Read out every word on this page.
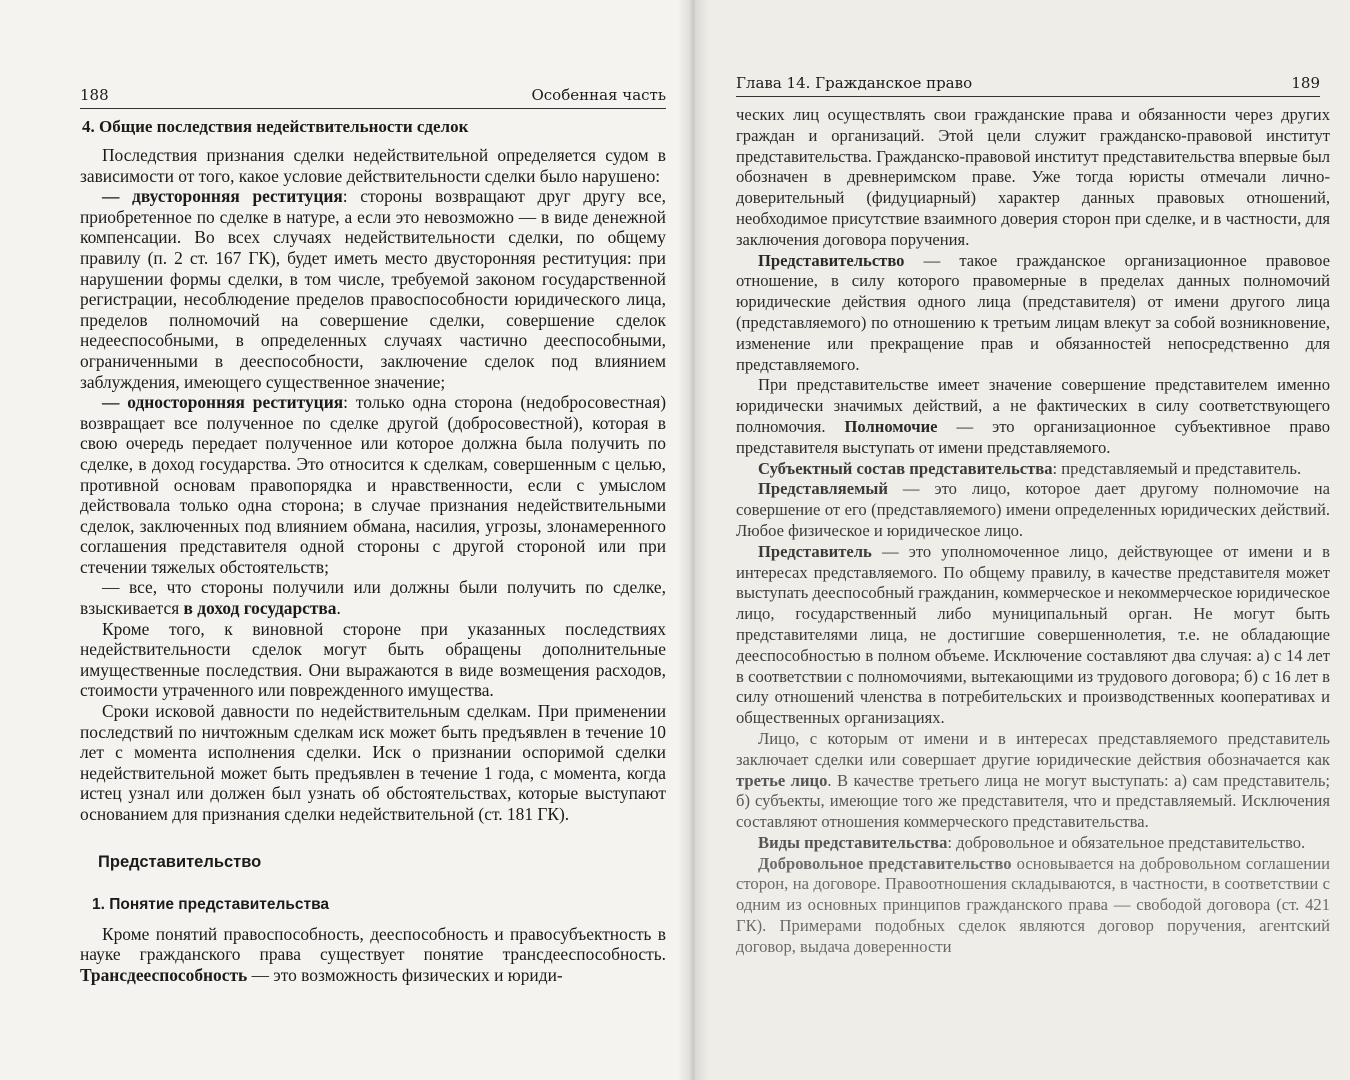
188	Особенная часть
4. Общие последствия недействительности сделок

Последствия признания сделки недействительной определяется судом в зависимости от того, какое условие действительности сделки было нарушено:

— двусторонняя реституция: стороны возвращают друг другу все, приобретенное по сделке в натуре, а если это невозможно — в виде денежной компенсации. Во всех случаях недействительности сделки, по общему правилу (п. 2 ст. 167 ГК), будет иметь место двусторонняя реституция: при нарушении формы сделки, в том числе, требуемой законом государственной регистрации, несоблюдение пределов правоспособности юридического лица, пределов полномочий на совершение сделки, совершение сделок недееспособными, в определенных случаях частично дееспособными, ограниченными в дееспособности, заключение сделок под влиянием заблуждения, имеющего существенное значение;

— односторонняя реституция: только одна сторона (недобросовестная) возвращает все полученное по сделке другой (добросовестной), которая в свою очередь передает полученное или которое должна была получить по сделке, в доход государства. Это относится к сделкам, совершенным с целью, противной основам правопорядка и нравственности, если с умыслом действовала только одна сторона; в случае признания недействительными сделок, заключенных под влиянием обмана, насилия, угрозы, злонамеренного соглашения представителя одной стороны с другой стороной или при стечении тяжелых обстоятельств;

— все, что стороны получили или должны были получить по сделке, взыскивается в доход государства.

Кроме того, к виновной стороне при указанных последствиях недействительности сделок могут быть обращены дополнительные имущественные последствия. Они выражаются в виде возмещения расходов, стоимости утраченного или поврежденного имущества.

Сроки исковой давности по недействительным сделкам. При применении последствий по ничтожным сделкам иск может быть предъявлен в течение 10 лет с момента исполнения сделки. Иск о признании оспоримой сделки недействительной может быть предъявлен в течение 1 года, с момента, когда истец узнал или должен был узнать об обстоятельствах, которые выступают основанием для признания сделки недействительной (ст. 181 ГК).

Представительство
1. Понятие представительства

Кроме понятий правоспособность, дееспособность и правосубъектность в науке гражданского права существует понятие трансдееспособность. Трансдееспособность — это возможность физических и юриди-

Глава 14. Гражданское право	189

ческих лиц осуществлять свои гражданские права и обязанности через других граждан и организаций. Этой цели служит гражданско-правовой институт представительства. Гражданско-правовой институт представительства впервые был обозначен в древнеримском праве. Уже тогда юристы отмечали лично-доверительный (фидуциарный) характер данных правовых отношений, необходимое присутствие взаимного доверия сторон при сделке, и в частности, для заключения договора поручения.

Представительство — такое гражданское организационное правовое отношение, в силу которого правомерные в пределах данных полномочий юридические действия одного лица (представителя) от имени другого лица (представляемого) по отношению к третьим лицам влекут за собой возникновение, изменение или прекращение прав и обязанностей непосредственно для представляемого.

При представительстве имеет значение совершение представителем именно юридически значимых действий, а не фактических в силу соответствующего полномочия. Полномочие — это организационное субъективное право представителя выступать от имени представляемого.

Субъектный состав представительства: представляемый и представитель.

Представляемый — это лицо, которое дает другому полномочие на совершение от его (представляемого) имени определенных юридических действий. Любое физическое и юридическое лицо.

Представитель — это уполномоченное лицо, действующее от имени и в интересах представляемого. По общему правилу, в качестве представителя может выступать дееспособный гражданин, коммерческое и некоммерческое юридическое лицо, государственный либо муниципальный орган. Не могут быть представителями лица, не достигшие совершеннолетия, т.е. не обладающие дееспособностью в полном объеме. Исключение составляют два случая: а) с 14 лет в соответствии с полномочиями, вытекающими из трудового договора; б) с 16 лет в силу отношений членства в потребительских и производственных кооперативах и общественных организациях.

Лицо, с которым от имени и в интересах представляемого представитель заключает сделки или совершает другие юридические действия обозначается как третье лицо. В качестве третьего лица не могут выступать: а) сам представитель; б) субъекты, имеющие того же представителя, что и представляемый. Исключения составляют отношения коммерческого представительства.

Виды представительства: добровольное и обязательное представительство.

Добровольное представительство основывается на добровольном соглашении сторон, на договоре. Правоотношения складываются, в частности, в соответствии с одним из основных принципов гражданского права — свободой договора (ст. 421 ГК). Примерами подобных сделок являются договор поручения, агентский договор, выдача доверенности
